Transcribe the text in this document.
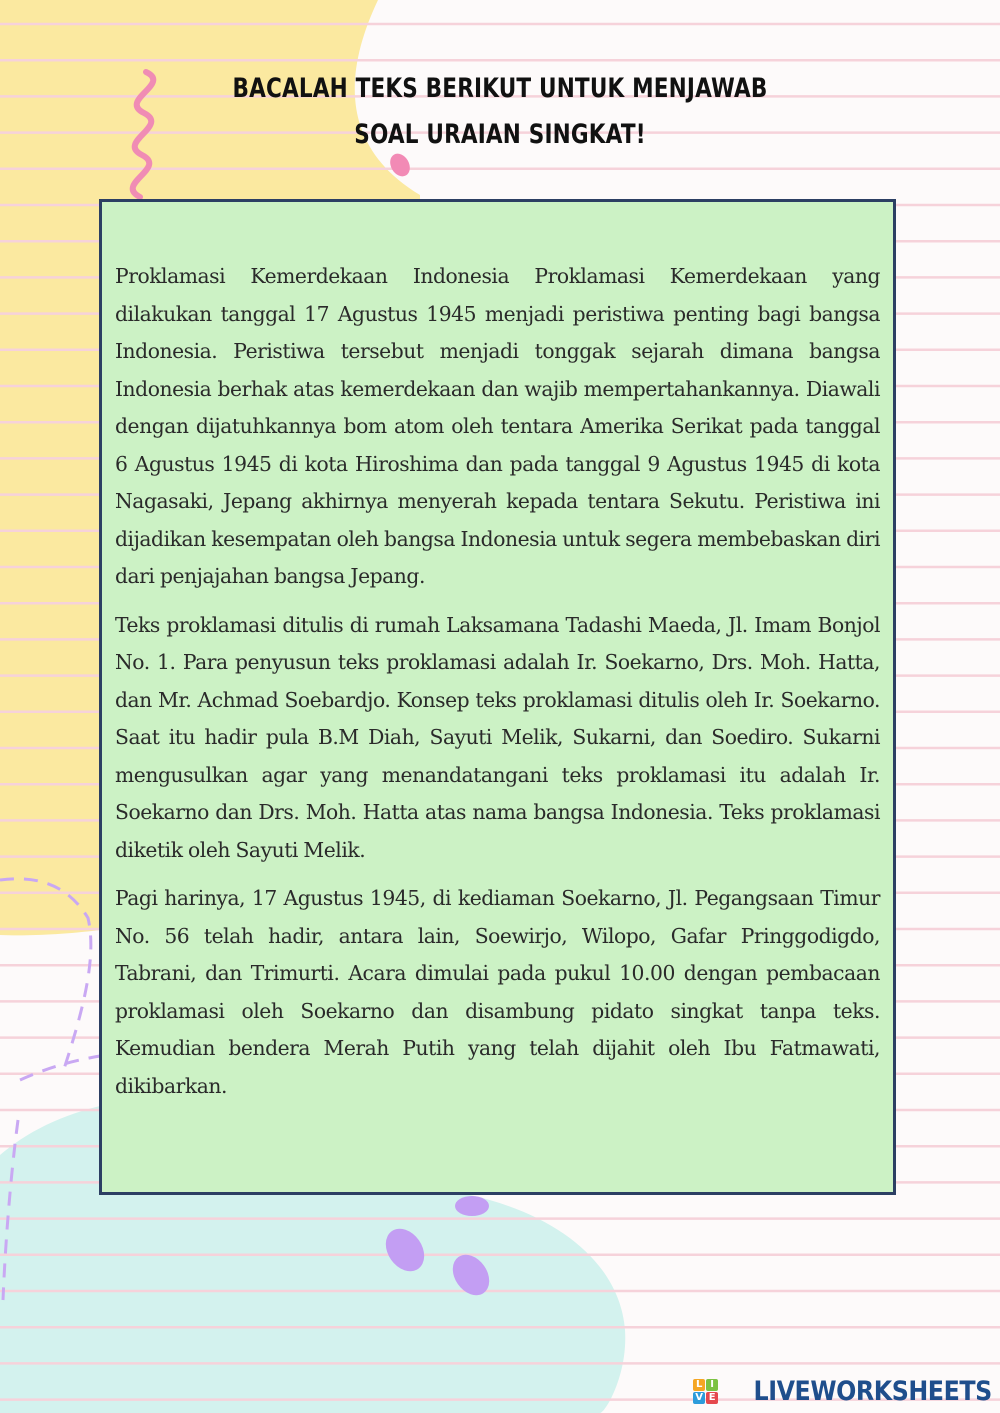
BACALAH TEKS BERIKUT UNTUK MENJAWAB
SOAL URAIAN SINGKAT!

Proklamasi Kemerdekaan Indonesia Proklamasi Kemerdekaan yang dilakukan tanggal 17 Agustus 1945 menjadi peristiwa penting bagi bangsa Indonesia. Peristiwa tersebut menjadi tonggak sejarah dimana bangsa Indonesia berhak atas kemerdekaan dan wajib mempertahankannya. Diawali dengan dijatuhkannya bom atom oleh tentara Amerika Serikat pada tanggal 6 Agustus 1945 di kota Hiroshima dan pada tanggal 9 Agustus 1945 di kota Nagasaki, Jepang akhirnya menyerah kepada tentara Sekutu. Peristiwa ini dijadikan kesempatan oleh bangsa Indonesia untuk segera membebaskan diri dari penjajahan bangsa Jepang.

Teks proklamasi ditulis di rumah Laksamana Tadashi Maeda, Jl. Imam Bonjol No. 1. Para penyusun teks proklamasi adalah Ir. Soekarno, Drs. Moh. Hatta, dan Mr. Achmad Soebardjo. Konsep teks proklamasi ditulis oleh Ir. Soekarno. Saat itu hadir pula B.M Diah, Sayuti Melik, Sukarni, dan Soediro. Sukarni mengusulkan agar yang menandatangani teks proklamasi itu adalah Ir. Soekarno dan Drs. Moh. Hatta atas nama bangsa Indonesia. Teks proklamasi diketik oleh Sayuti Melik.

Pagi harinya, 17 Agustus 1945, di kediaman Soekarno, Jl. Pegangsaan Timur No. 56 telah hadir, antara lain, Soewirjo, Wilopo, Gafar Pringgodigdo, Tabrani, dan Trimurti. Acara dimulai pada pukul 10.00 dengan pembacaan proklamasi oleh Soekarno dan disambung pidato singkat tanpa teks. Kemudian bendera Merah Putih yang telah dijahit oleh Ibu Fatmawati, dikibarkan.

L I
V E LIVEWORKSHEETS
